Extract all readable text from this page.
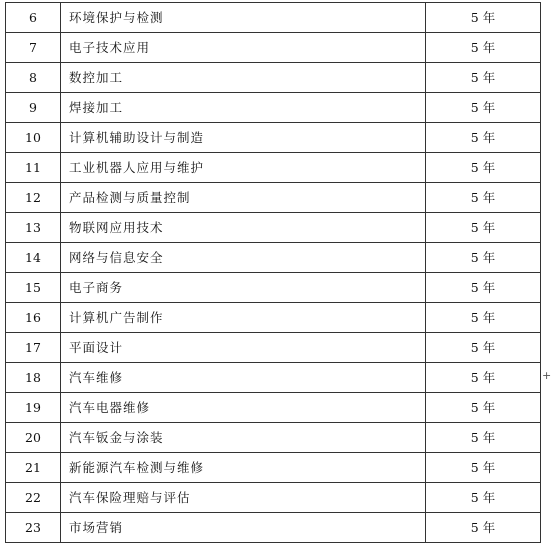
6	环境保护与检测	5 年
7	电子技术应用	5 年
8	数控加工	5 年
9	焊接加工	5 年
10	计算机辅助设计与制造	5 年
11	工业机器人应用与维护	5 年
12	产品检测与质量控制	5 年
13	物联网应用技术	5 年
14	网络与信息安全	5 年
15	电子商务	5 年
16	计算机广告制作	5 年
17	平面设计	5 年
18	汽车维修	5 年
19	汽车电器维修	5 年
20	汽车钣金与涂装	5 年
21	新能源汽车检测与维修	5 年
22	汽车保险理赔与评估	5 年
23	市场营销	5 年
+
